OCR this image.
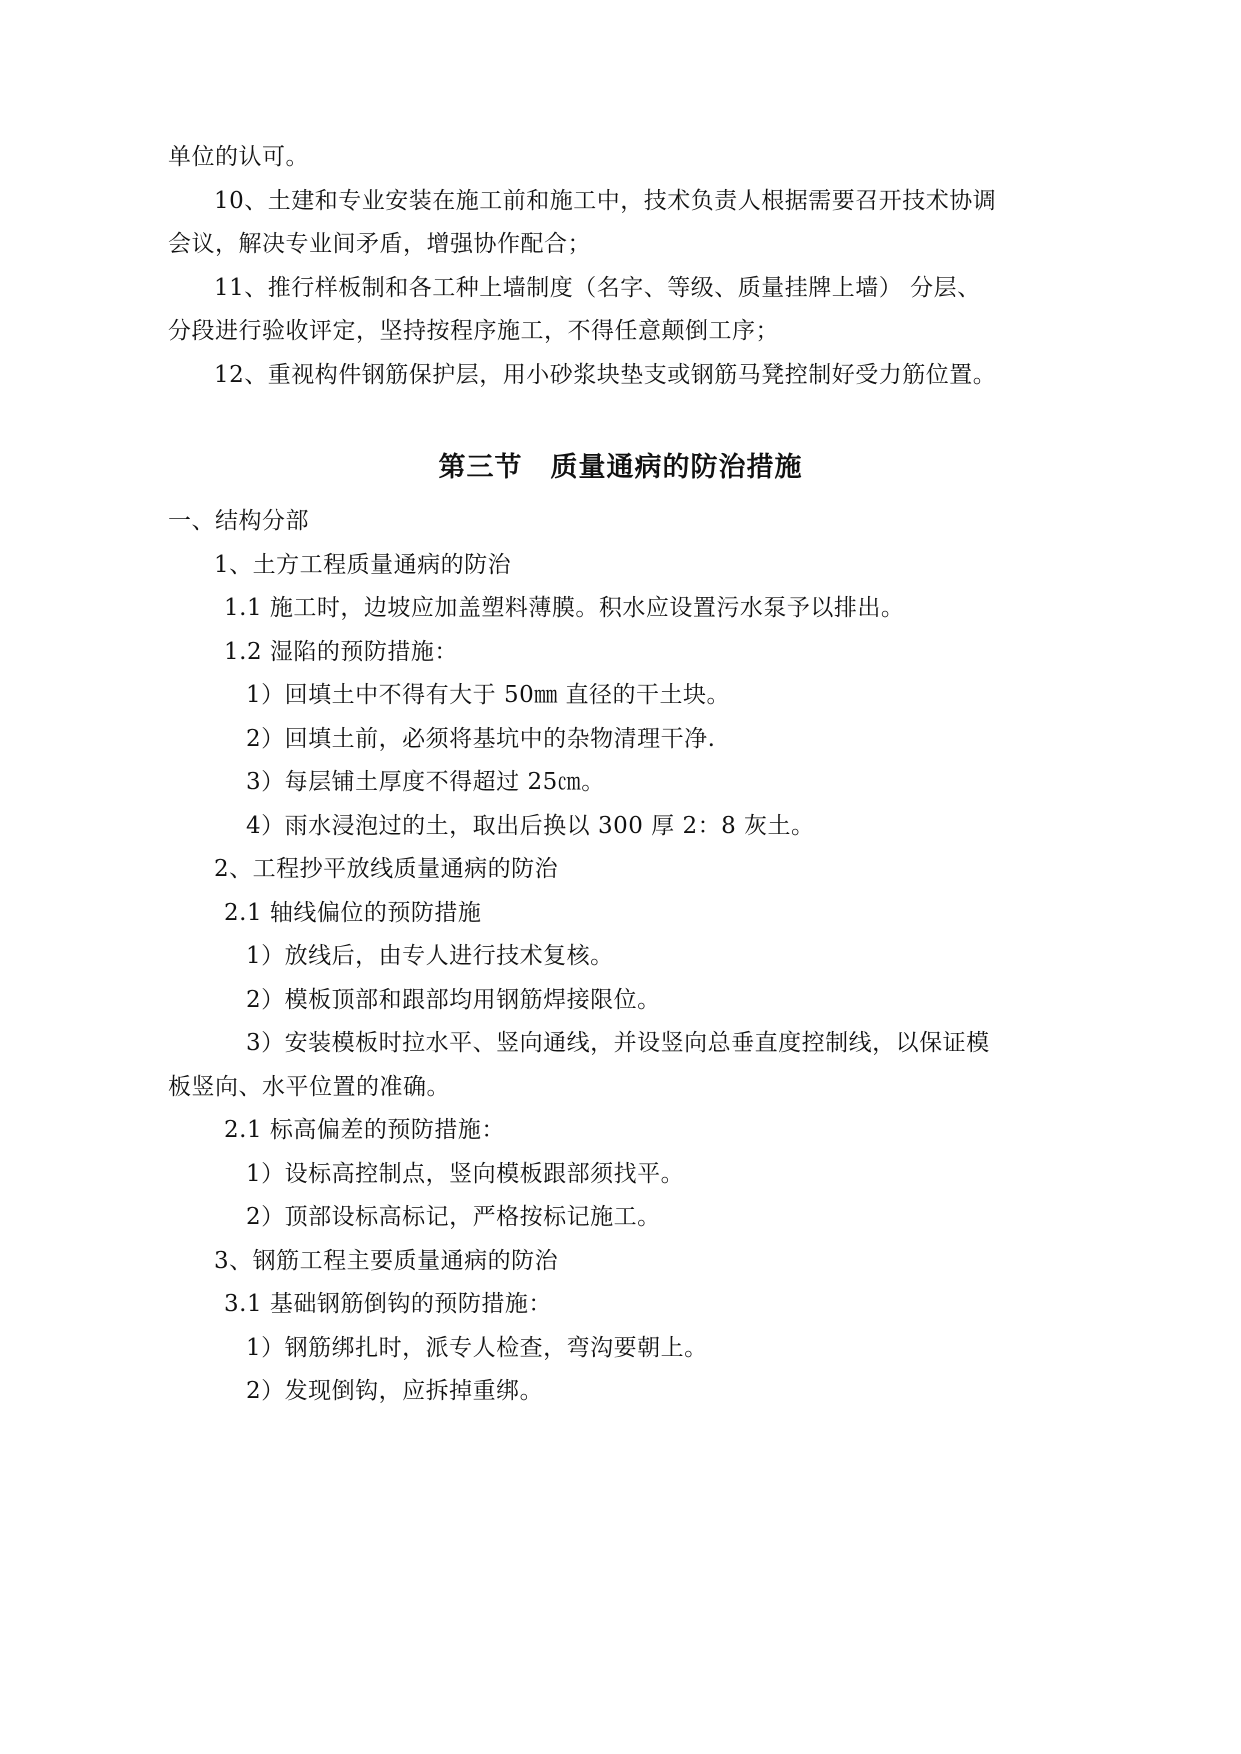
单位的认可。
10、土建和专业安装在施工前和施工中，技术负责人根据需要召开技术协调
会议，解决专业间矛盾，增强协作配合；
11、推行样板制和各工种上墙制度（名字、等级、质量挂牌上墙） 分层、
分段进行验收评定，坚持按程序施工，不得任意颠倒工序；
12、重视构件钢筋保护层，用小砂浆块垫支或钢筋马凳控制好受力筋位置。
第三节　质量通病的防治措施
一、结构分部
1、土方工程质量通病的防治
1.1 施工时，边坡应加盖塑料薄膜。积水应设置污水泵予以排出。
1.2 湿陷的预防措施：
1）回填土中不得有大于 50㎜ 直径的干土块。
2）回填土前，必须将基坑中的杂物清理干净.
3）每层铺土厚度不得超过 25㎝。
4）雨水浸泡过的土，取出后换以 300 厚 2：8 灰土。
2、工程抄平放线质量通病的防治
2.1 轴线偏位的预防措施
1）放线后，由专人进行技术复核。
2）模板顶部和跟部均用钢筋焊接限位。
3）安装模板时拉水平、竖向通线，并设竖向总垂直度控制线，以保证模
板竖向、水平位置的准确。
2.1 标高偏差的预防措施：
1）设标高控制点，竖向模板跟部须找平。
2）顶部设标高标记，严格按标记施工。
3、钢筋工程主要质量通病的防治
3.1 基础钢筋倒钩的预防措施：
1）钢筋绑扎时，派专人检查，弯沟要朝上。
2）发现倒钩，应拆掉重绑。
